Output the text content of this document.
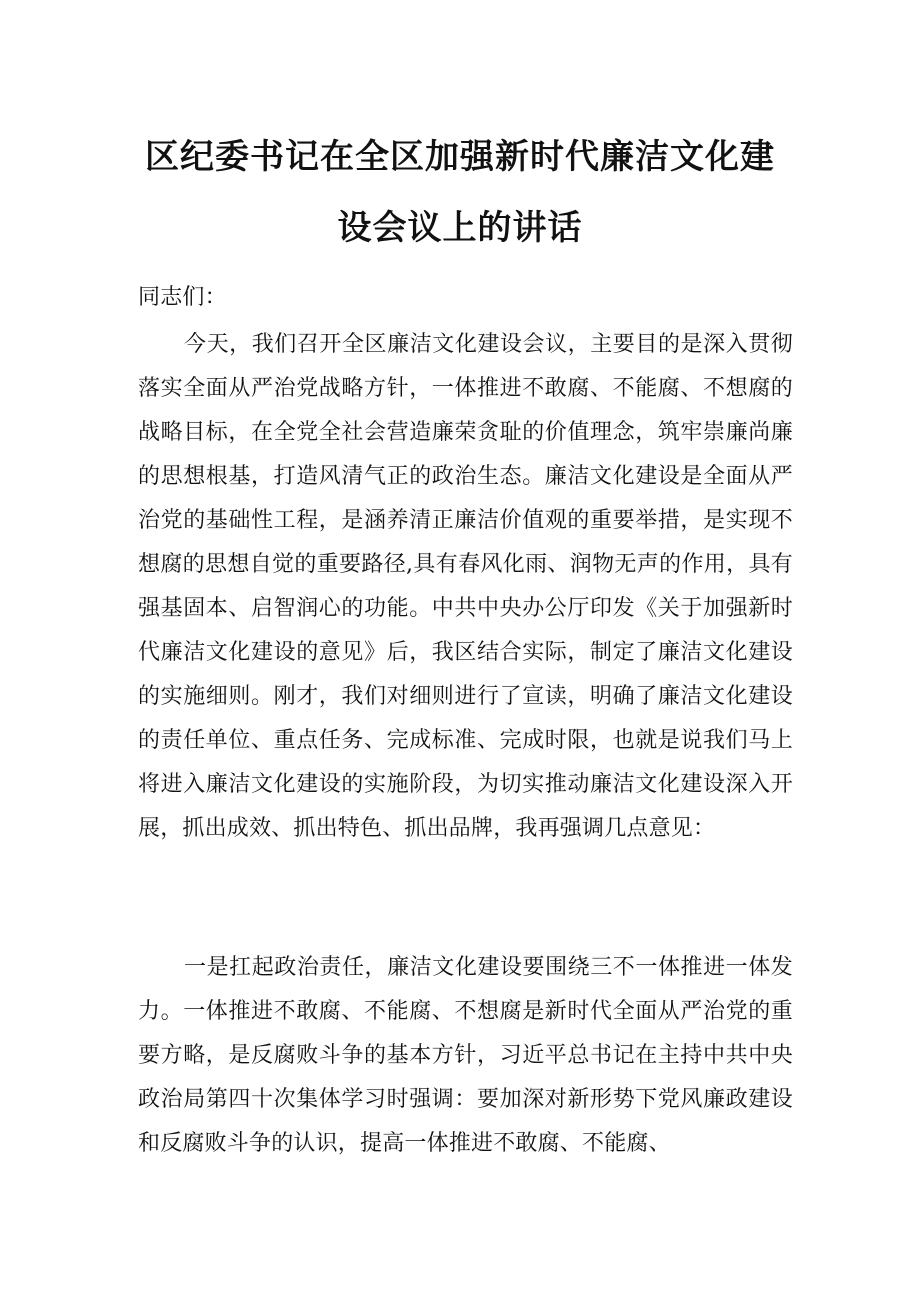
区纪委书记在全区加强新时代廉洁文化建
设会议上的讲话
同志们：
今天，我们召开全区廉洁文化建设会议，主要目的是深入贯彻落实全面从严治党战略方针，一体推进不敢腐、不能腐、不想腐的战略目标，在全党全社会营造廉荣贪耻的价值理念，筑牢崇廉尚廉的思想根基，打造风清气正的政治生态。廉洁文化建设是全面从严治党的基础性工程，是涵养清正廉洁价值观的重要举措，是实现不想腐的思想自觉的重要路径,具有春风化雨、润物无声的作用，具有强基固本、启智润心的功能。中共中央办公厅印发《关于加强新时代廉洁文化建设的意见》后，我区结合实际，制定了廉洁文化建设的实施细则。刚才，我们对细则进行了宣读，明确了廉洁文化建设的责任单位、重点任务、完成标准、完成时限，也就是说我们马上将进入廉洁文化建设的实施阶段，为切实推动廉洁文化建设深入开展，抓出成效、抓出特色、抓出品牌，我再强调几点意见：
一是扛起政治责任，廉洁文化建设要围绕三不一体推进一体发力。一体推进不敢腐、不能腐、不想腐是新时代全面从严治党的重要方略，是反腐败斗争的基本方针，习近平总书记在主持中共中央政治局第四十次集体学习时强调：要加深对新形势下党风廉政建设和反腐败斗争的认识，提高一体推进不敢腐、不能腐、
